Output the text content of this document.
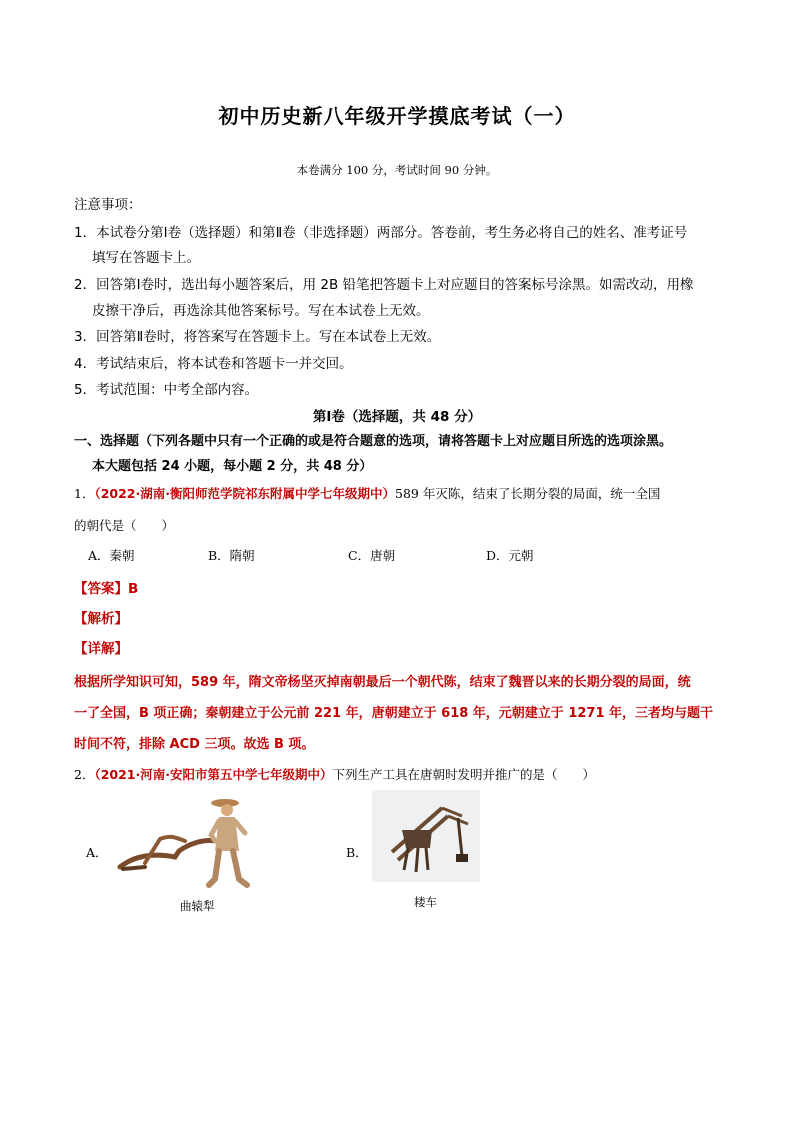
初中历史新八年级开学摸底考试（一）
本卷满分 100 分，考试时间 90 分钟。
注意事项：
1．本试卷分第Ⅰ卷（选择题）和第Ⅱ卷（非选择题）两部分。答卷前，考生务必将自己的姓名、准考证号
填写在答题卡上。
2．回答第Ⅰ卷时，选出每小题答案后，用 2B 铅笔把答题卡上对应题目的答案标号涂黑。如需改动，用橡
皮擦干净后，再选涂其他答案标号。写在本试卷上无效。
3．回答第Ⅱ卷时，将答案写在答题卡上。写在本试卷上无效。
4．考试结束后，将本试卷和答题卡一并交回。
5．考试范围：中考全部内容。
第Ⅰ卷（选择题，共 48 分）
一、选择题（下列各题中只有一个正确的或是符合题意的选项，请将答题卡上对应题目所选的选项涂黑。
本大题包括 24 小题，每小题 2 分，共 48 分）
1．（2022·湖南·衡阳师范学院祁东附属中学七年级期中）589 年灭陈，结束了长期分裂的局面，统一全国
的朝代是（　　）
A．秦朝	B．隋朝	C．唐朝	D．元朝
【答案】B
【解析】
【详解】
根据所学知识可知，589 年，隋文帝杨坚灭掉南朝最后一个朝代陈，结束了魏晋以来的长期分裂的局面，统
一了全国，B 项正确；秦朝建立于公元前 221 年，唐朝建立于 618 年，元朝建立于 1271 年，三者均与题干
时间不符，排除 ACD 三项。故选 B 项。
2．（2021·河南·安阳市第五中学七年级期中）下列生产工具在唐朝时发明并推广的是（　　）
A．
曲辕犁
B．
耧车
